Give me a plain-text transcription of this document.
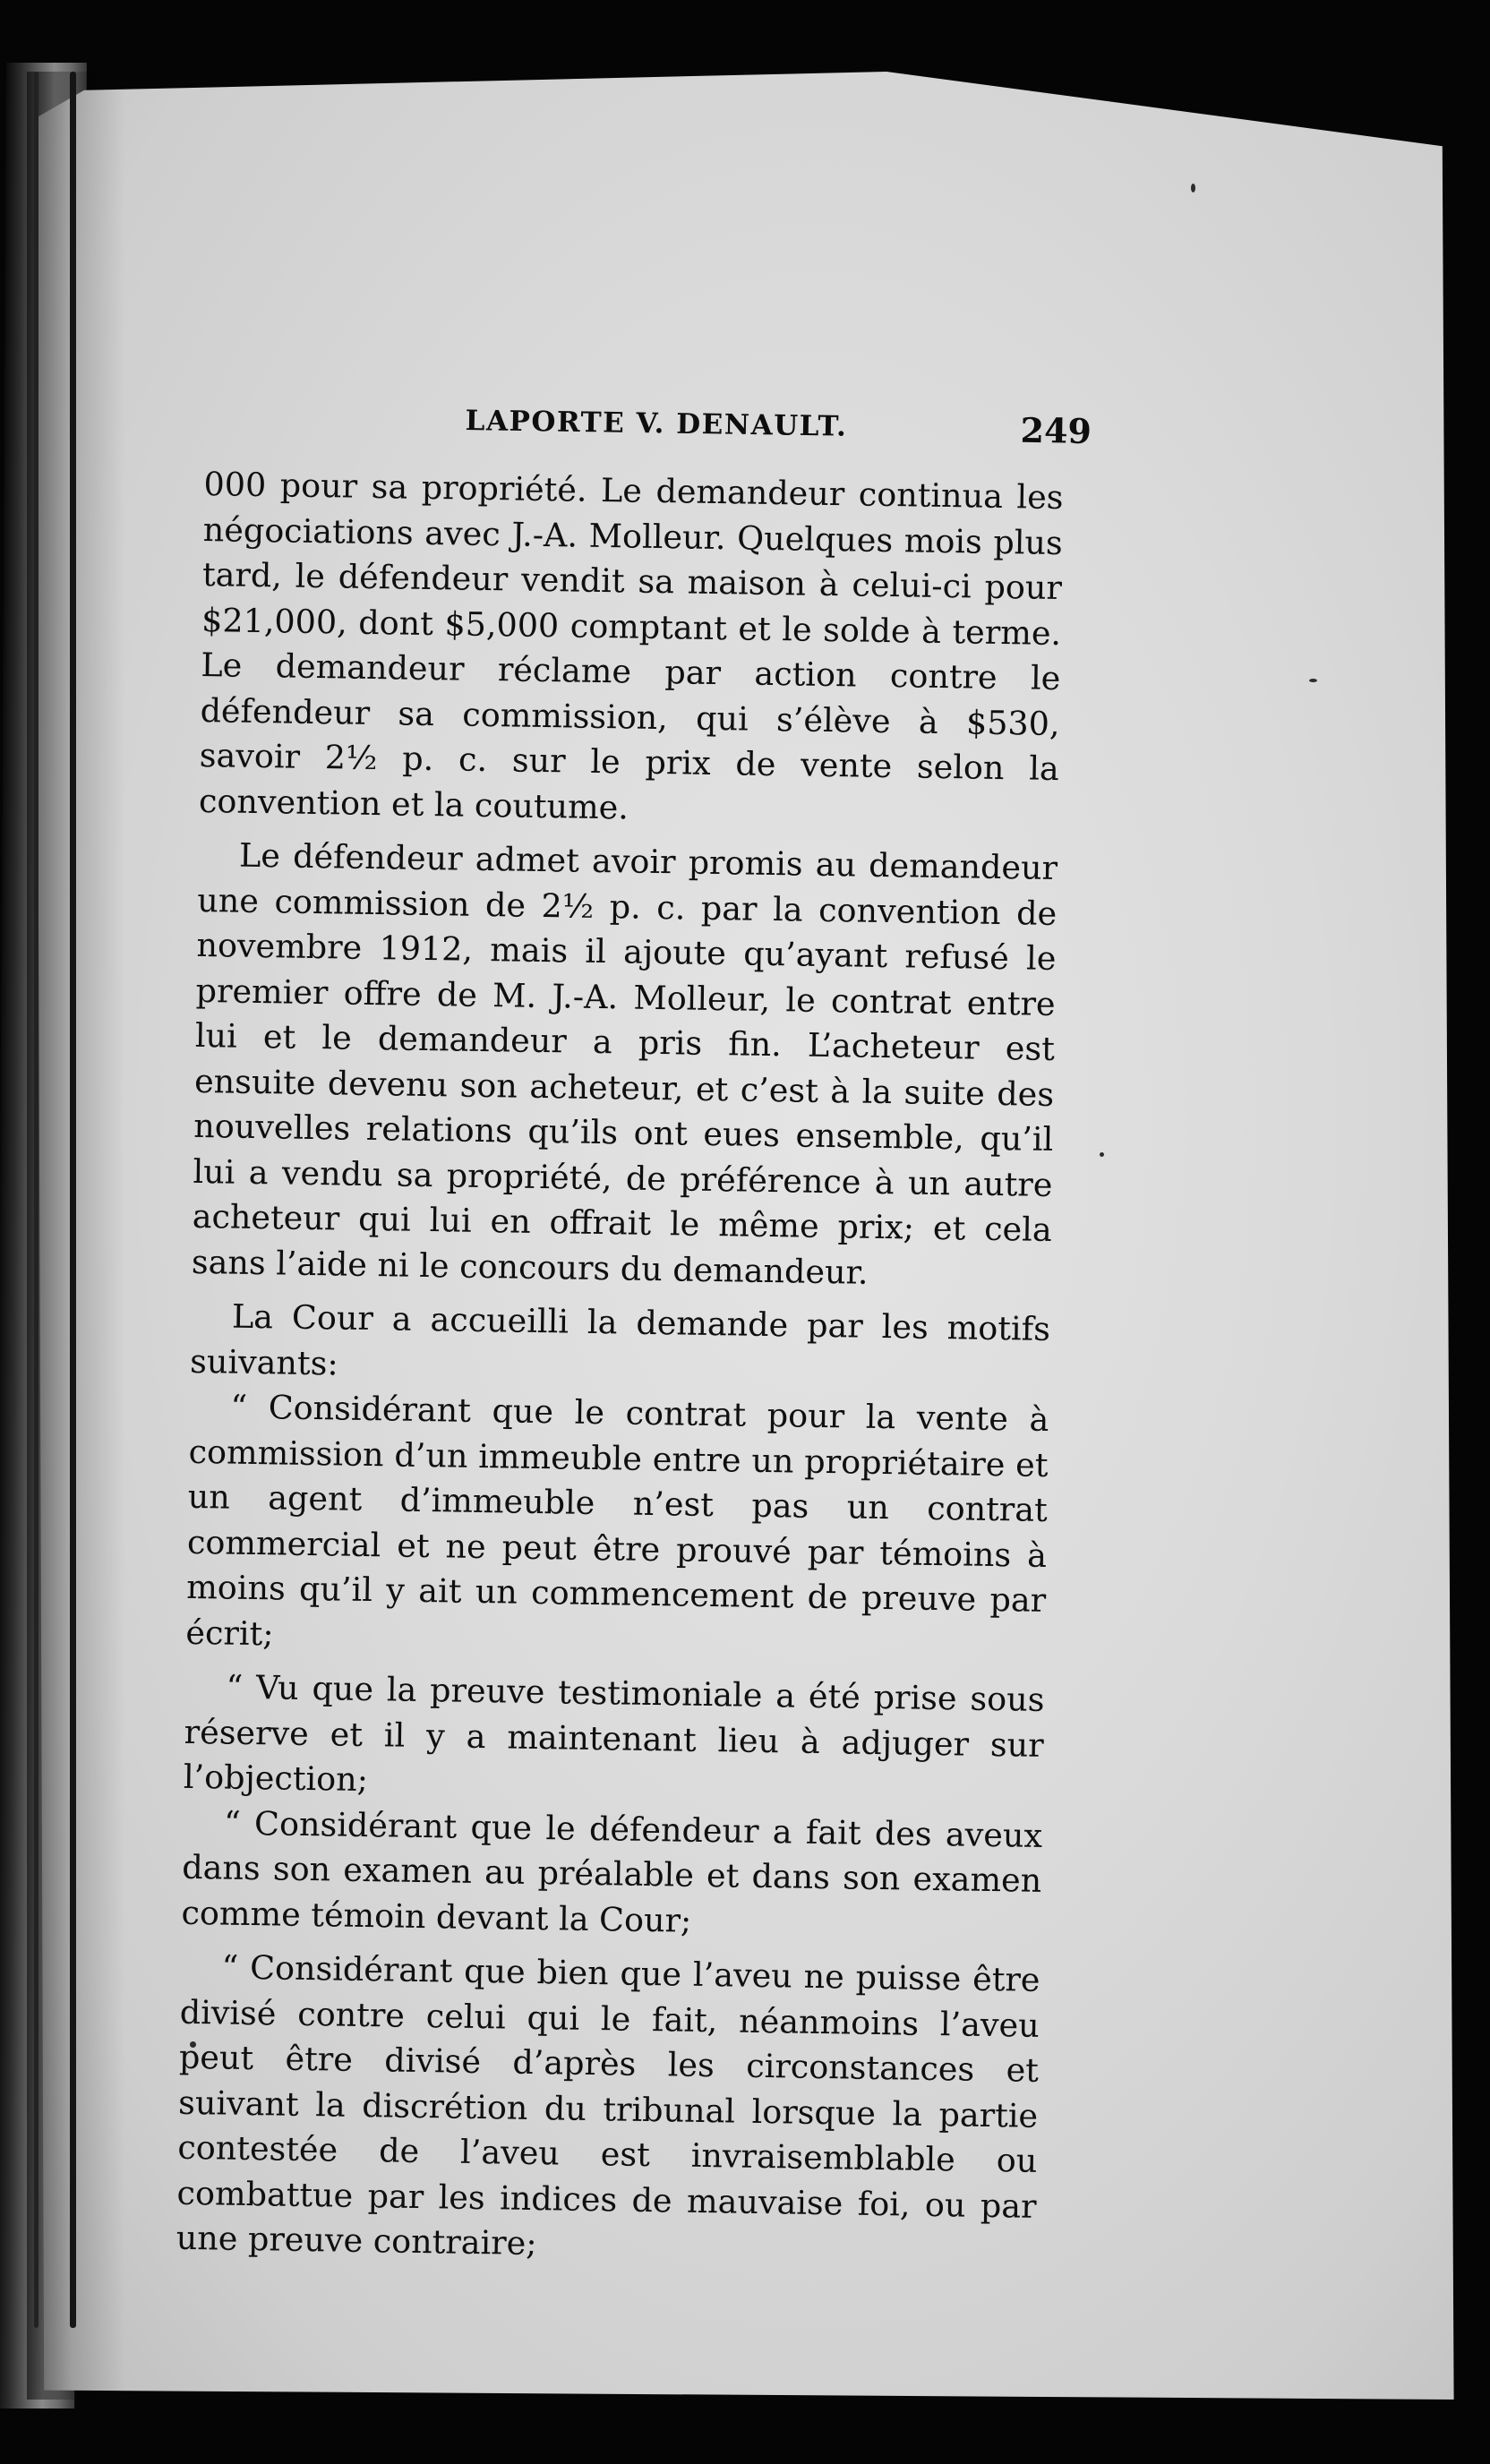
LAPORTE V. DENAULT.	249

000 pour sa propriété. Le demandeur continua les négociations avec J.-A. Molleur. Quelques mois plus tard, le défendeur vendit sa maison à celui-ci pour $21,000, dont $5,000 comptant et le solde à terme. Le demandeur réclame par action contre le défendeur sa commission, qui s’élève à $530, savoir 2½ p. c. sur le prix de vente selon la convention et la coutume.

Le défendeur admet avoir promis au demandeur une commission de 2½ p. c. par la convention de novembre 1912, mais il ajoute qu’ayant refusé le premier offre de M. J.-A. Molleur, le contrat entre lui et le demandeur a pris fin. L’acheteur est ensuite devenu son acheteur, et c’est à la suite des nouvelles relations qu’ils ont eues ensemble, qu’il lui a vendu sa propriété, de préférence à un autre acheteur qui lui en offrait le même prix; et cela sans l’aide ni le concours du demandeur.

La Cour a accueilli la demande par les motifs suivants:

“ Considérant que le contrat pour la vente à commission d’un immeuble entre un propriétaire et un agent d’immeuble n’est pas un contrat commercial et ne peut être prouvé par témoins à moins qu’il y ait un commencement de preuve par écrit;

“ Vu que la preuve testimoniale a été prise sous réserve et il y a maintenant lieu à adjuger sur l’objection;

“ Considérant que le défendeur a fait des aveux dans son examen au préalable et dans son examen comme témoin devant la Cour;

“ Considérant que bien que l’aveu ne puisse être divisé contre celui qui le fait, néanmoins l’aveu peut être divisé d’après les circonstances et suivant la discrétion du tribunal lorsque la partie contestée de l’aveu est invraisemblable ou combattue par les indices de mauvaise foi, ou par une preuve contraire;
